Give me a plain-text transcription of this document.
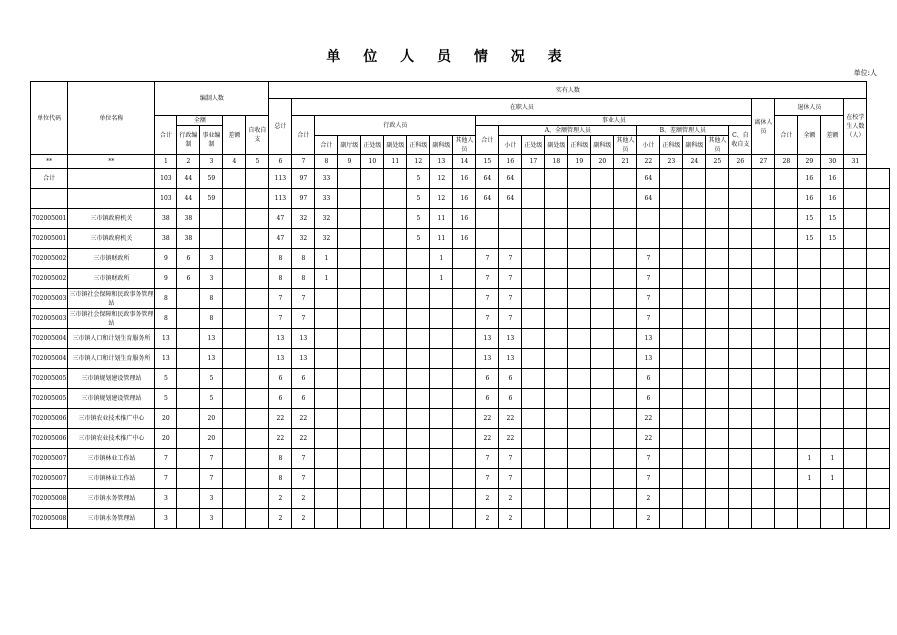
单 位 人 员 情 况 表
单位:人
单位代码	单位名称	编制人数					实有人数																										
							总计	在职人员																				离休人员	退休人员			在校学生人数（人）	
		合计	全额		差额	自收自支		合计	行政人员							事业人员													合计	全额	差额		
			行政编制	事业编制												合计	A、全额管理人员						B、差额管理人员				C、自收自支						
									合计	副厅级	正处级	副处级	正科级	副科级	其他人员		小计	正处级	副处级	正科级	副科级	其他人员	小计	正科级	副科级	其他人员							
**	**	1	2	3	4	5	6	7	8	9	10	11	12	13	14	15	16	17	18	19	20	21	22	23	24	25	26	27	28	29	30	31	
合计		103	44	59			113	97	33				5	12	16	64	64						64							16	16		
		103	44	59			113	97	33				5	12	16	64	64						64							16	16		
702005001	三市镇政府机关	38	38				47	32	32				5	11	16															15	15		
702005001	三市镇政府机关	38	38				47	32	32				5	11	16															15	15		
702005002	三市镇财政所	9	6	3			8	8	1					1		7	7						7										
702005002	三市镇财政所	9	6	3			8	8	1					1		7	7						7										
702005003	三市镇社会保障和民政事务管理站	8		8			7	7								7	7						7										
702005003	三市镇社会保障和民政事务管理站	8		8			7	7								7	7						7										
702005004	三市镇人口和计划生育服务所	13		13			13	13								13	13						13										
702005004	三市镇人口和计划生育服务所	13		13			13	13								13	13						13										
702005005	三市镇规划建设管理站	5		5			6	6								6	6						6										
702005005	三市镇规划建设管理站	5		5			6	6								6	6						6										
702005006	三市镇农业技术推广中心	20		20			22	22								22	22						22										
702005006	三市镇农业技术推广中心	20		20			22	22								22	22						22										
702005007	三市镇林业工作站	7		7			8	7								7	7						7							1	1		
702005007	三市镇林业工作站	7		7			8	7								7	7						7							1	1		
702005008	三市镇水务管理站	3		3			2	2								2	2						2										
702005008	三市镇水务管理站	3		3			2	2								2	2						2										
